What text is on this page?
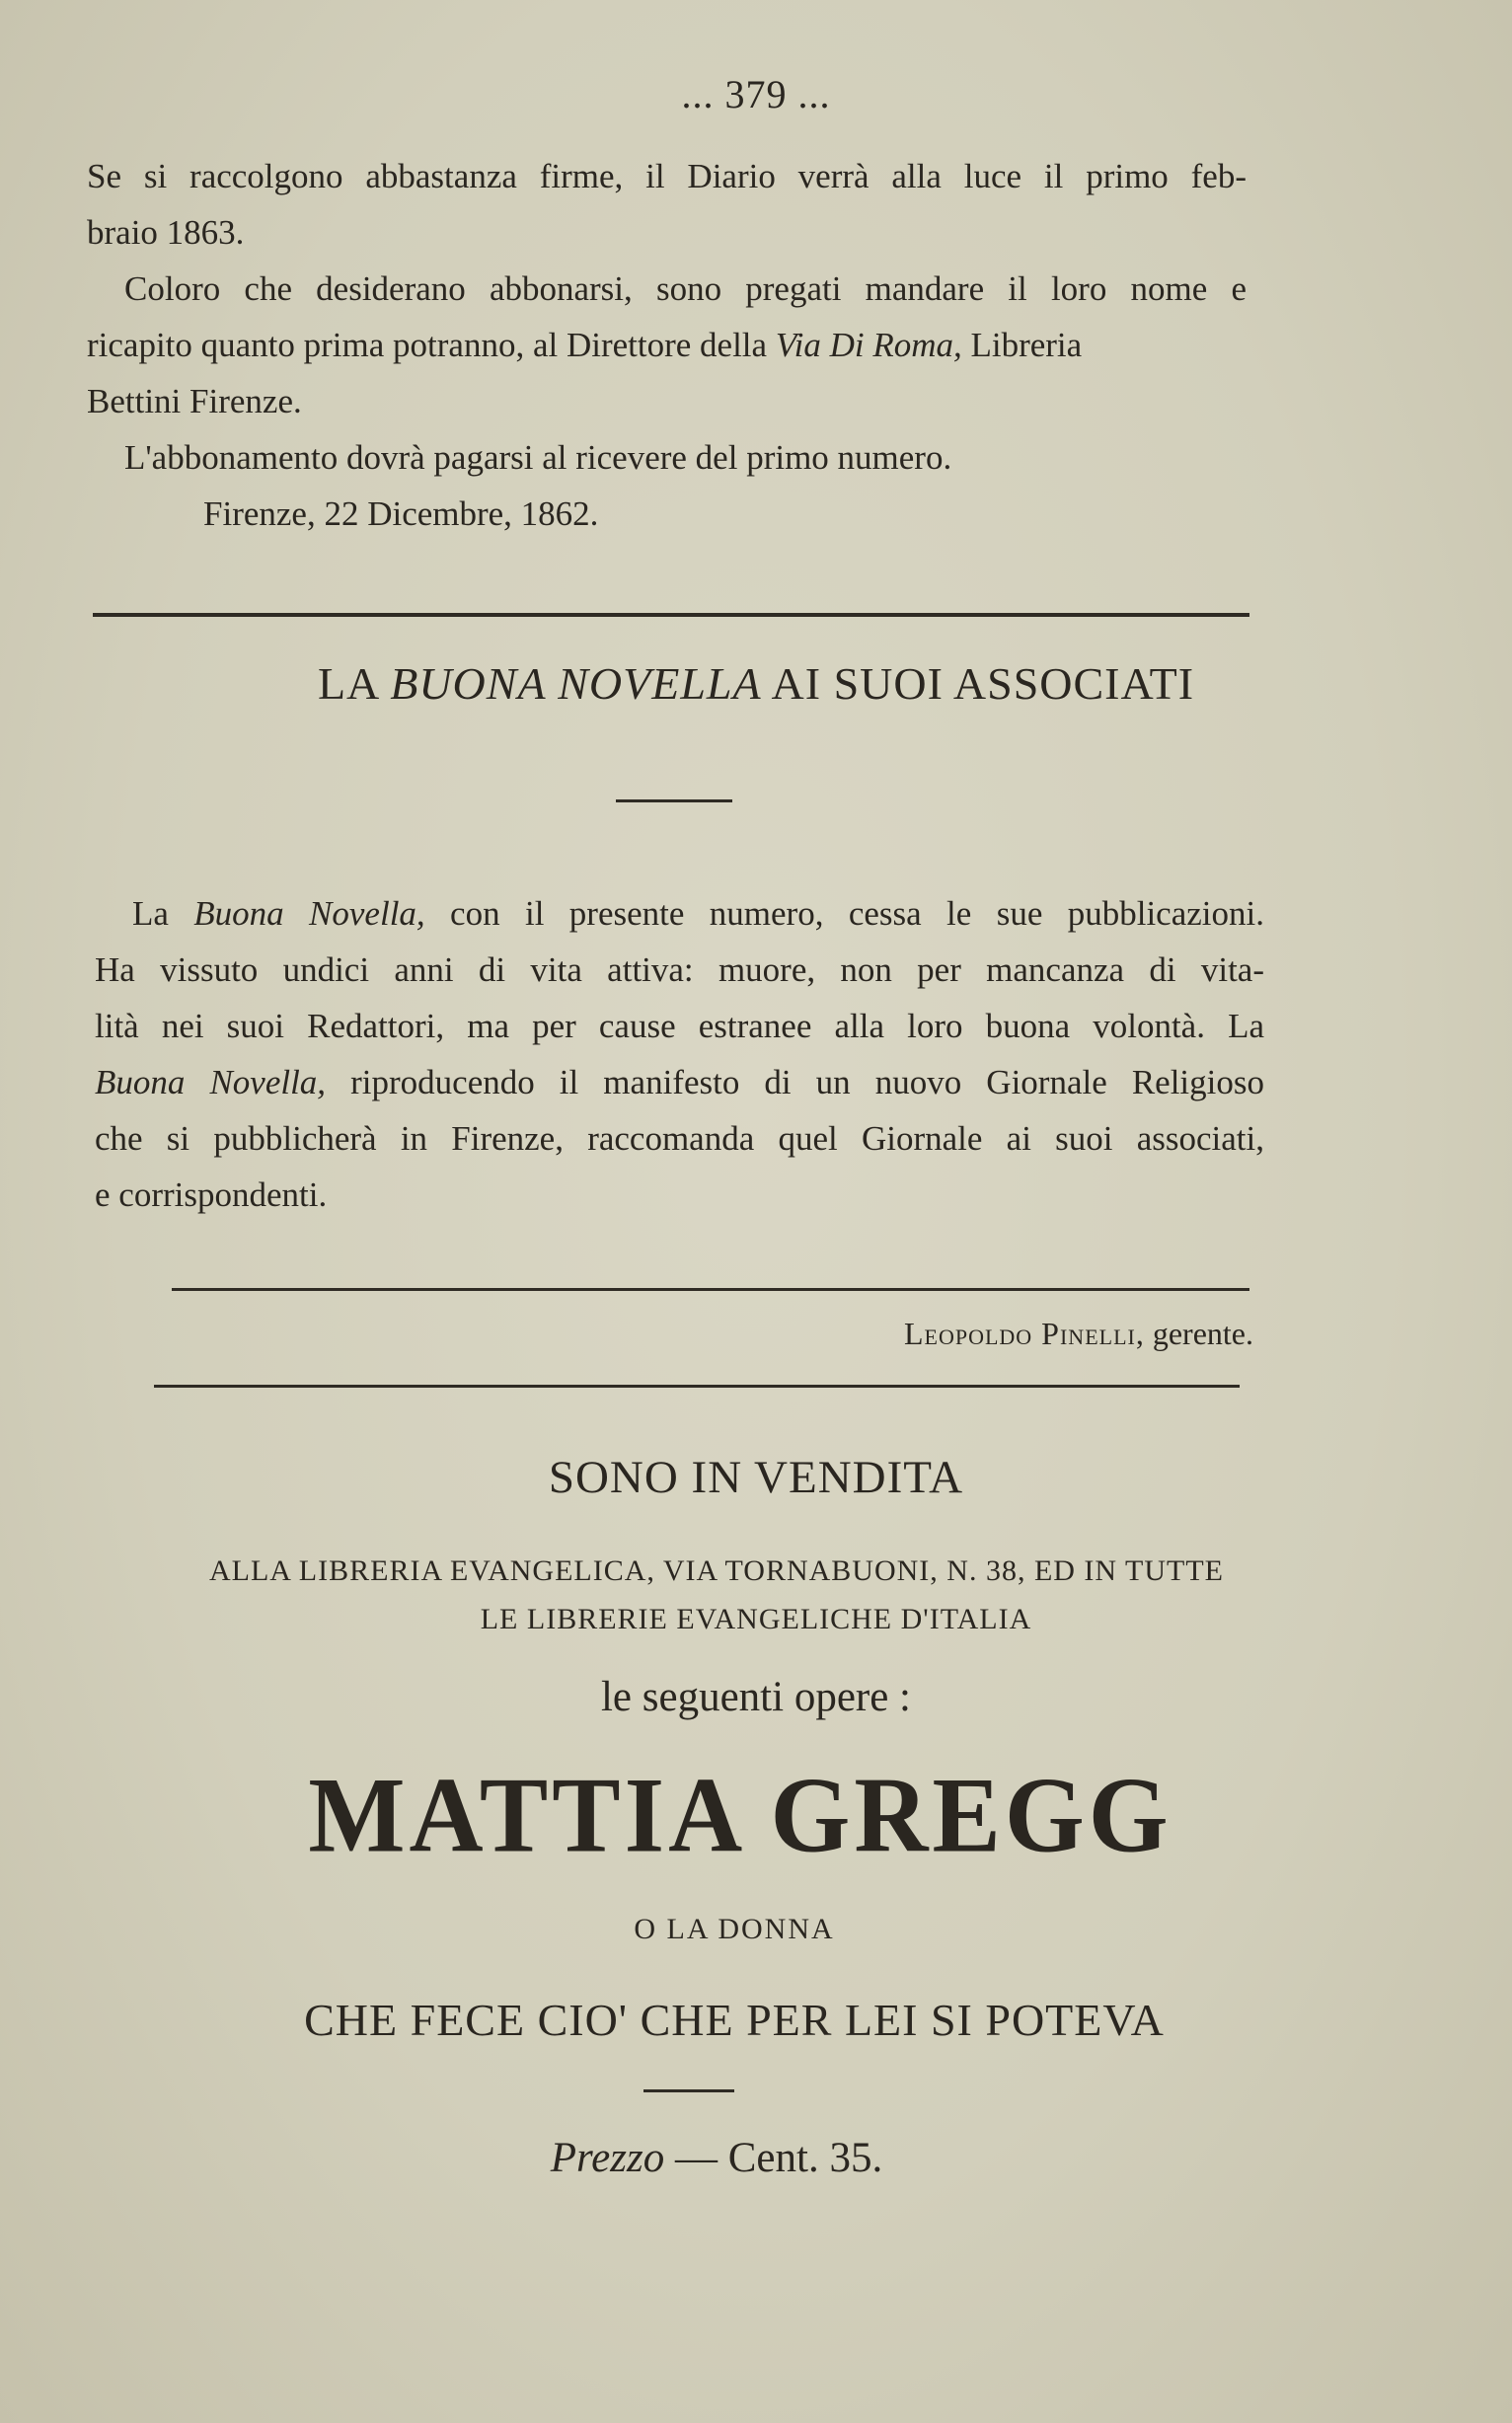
... 379 ...
Se si raccolgono abbastanza firme, il Diario verrà alla luce il primo feb-
braio 1863.
Coloro che desiderano abbonarsi, sono pregati mandare il loro nome e
ricapito quanto prima potranno, al Direttore della Via Di Roma, Libreria
Bettini Firenze.
L'abbonamento dovrà pagarsi al ricevere del primo numero.
Firenze, 22 Dicembre, 1862.
LA BUONA NOVELLA AI SUOI ASSOCIATI
La Buona Novella, con il presente numero, cessa le sue pubblicazioni.
Ha vissuto undici anni di vita attiva: muore, non per mancanza di vita-
lità nei suoi Redattori, ma per cause estranee alla loro buona volontà. La
Buona Novella, riproducendo il manifesto di un nuovo Giornale Religioso
che si pubblicherà in Firenze, raccomanda quel Giornale ai suoi associati,
e corrispondenti.
Leopoldo Pinelli, gerente.
SONO IN VENDITA
ALLA LIBRERIA EVANGELICA, VIA TORNABUONI, N. 38, ED IN TUTTE
LE LIBRERIE EVANGELICHE D'ITALIA
le seguenti opere :
MATTIA GREGG
O LA DONNA
CHE FECE CIO' CHE PER LEI SI POTEVA
Prezzo — Cent. 35.
